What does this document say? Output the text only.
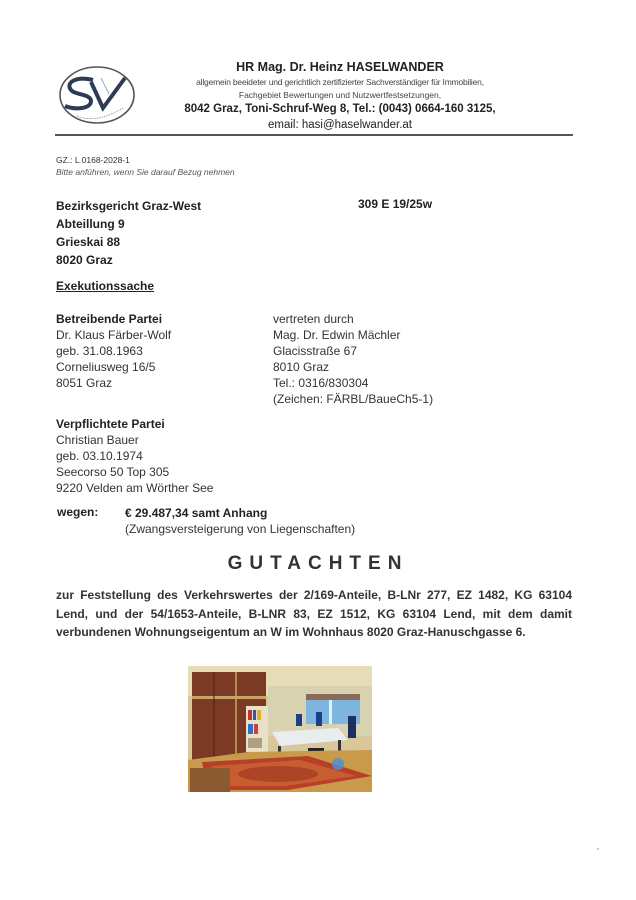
HR Mag. Dr. Heinz HASELWANDER
allgemein beeideter und gerichtlich zertifizierter Sachverständiger für Immobilien,
Fachgebiet Bewertungen und Nutzwertfestsetzungen,
8042 Graz, Toni-Schruf-Weg 8, Tel.: (0043) 0664-160 3125,
email: hasi@haselwander.at
GZ.: L 0168-2028-1
Bitte anführen, wenn Sie darauf Bezug nehmen
Bezirksgericht Graz-West
Abteillung 9
Grieskai 88
8020 Graz
309 E 19/25w
Exekutionssache
Betreibende Partei
Dr. Klaus Färber-Wolf
geb. 31.08.1963
Corneliusweg 16/5
8051 Graz
vertreten durch
Mag. Dr. Edwin Mächler
Glacisstraße 67
8010 Graz
Tel.: 0316/830304
(Zeichen: FÄRBL/BaueCh5-1)
Verpflichtete Partei
Christian Bauer
geb. 03.10.1974
Seecorso 50 Top 305
9220 Velden am Wörther See
wegen: € 29.487,34 samt Anhang
(Zwangsversteigerung von Liegenschaften)
GUTACHTEN
zur Feststellung des Verkehrswertes der 2/169-Anteile, B-LNr 277, EZ 1482, KG 63104 Lend, und der 54/1653-Anteile, B-LNR 83, EZ 1512, KG 63104 Lend, mit dem damit verbundenen Wohnungseigentum an W im Wohnhaus 8020 Graz-Hanuschgasse 6.
